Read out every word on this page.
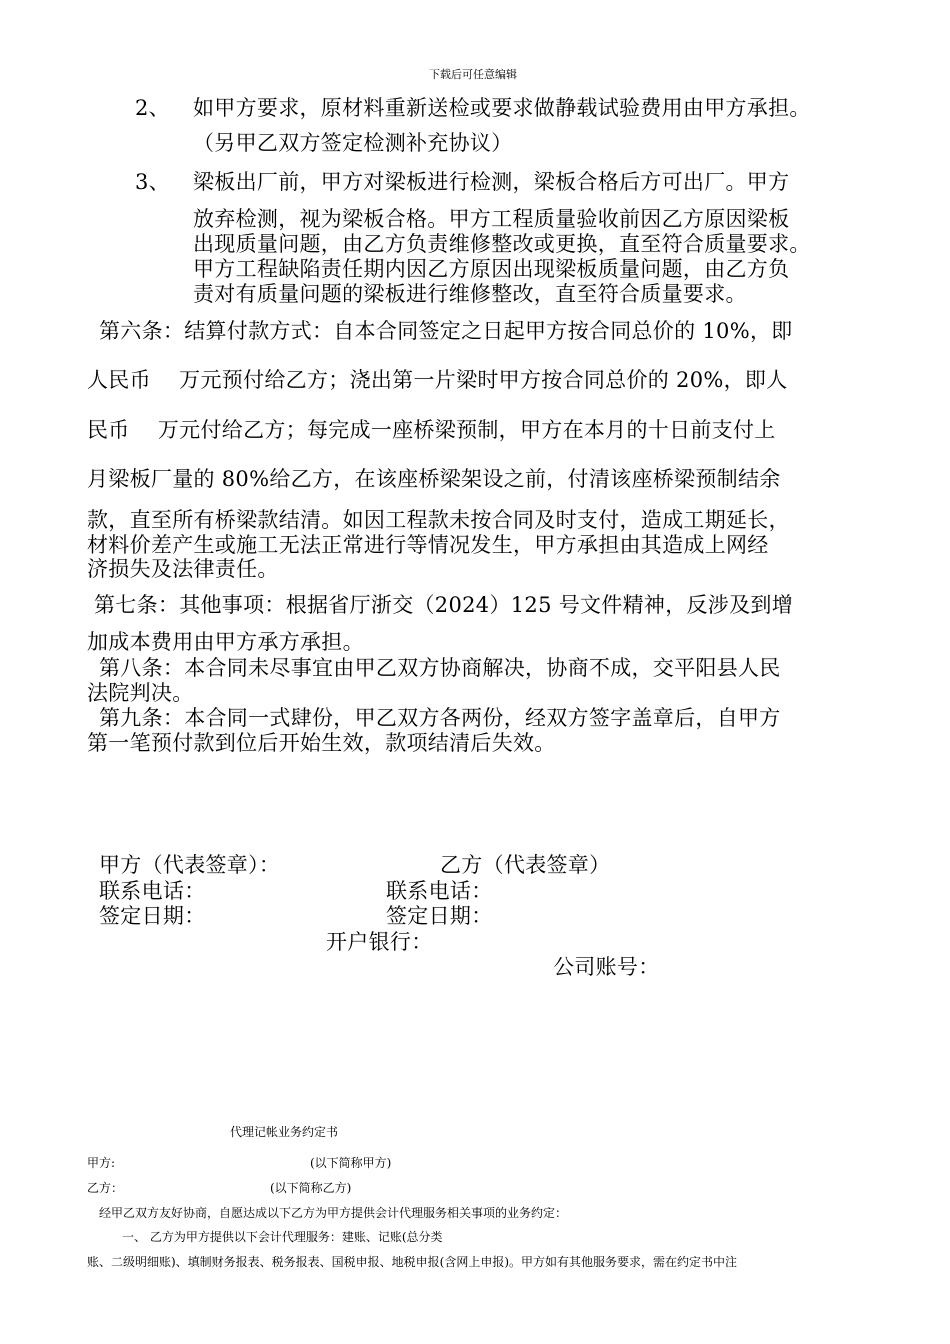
下载后可任意编辑
2、 如甲方要求，原材料重新送检或要求做静载试验费用由甲方承担。
（另甲乙双方签定检测补充协议）
3、 梁板出厂前，甲方对梁板进行检测，梁板合格后方可出厂。甲方
放弃检测，视为梁板合格。甲方工程质量验收前因乙方原因梁板
出现质量问题，由乙方负责维修整改或更换，直至符合质量要求。
甲方工程缺陷责任期内因乙方原因出现梁板质量问题，由乙方负
责对有质量问题的梁板进行维修整改，直至符合质量要求。
第六条：结算付款方式：自本合同签定之日起甲方按合同总价的 10%，即
人民币　 万元预付给乙方；浇出第一片梁时甲方按合同总价的 20%，即人
民币　 万元付给乙方；每完成一座桥梁预制，甲方在本月的十日前支付上
月梁板厂量的 80%给乙方，在该座桥梁架设之前，付清该座桥梁预制结余
款，直至所有桥梁款结清。如因工程款未按合同及时支付，造成工期延长，
材料价差产生或施工无法正常进行等情况发生，甲方承担由其造成上网经
济损失及法律责任。
第七条：其他事项：根据省厅浙交（2024）125 号文件精神，反涉及到增
加成本费用由甲方承方承担。
第八条：本合同未尽事宜由甲乙双方协商解决，协商不成，交平阳县人民
法院判决。
第九条：本合同一式肆份，甲乙双方各两份，经双方签字盖章后，自甲方
第一笔预付款到位后开始生效，款项结清后失效。
甲方（代表签章）：	乙方（代表签章）
联系电话：	联系电话：
签定日期：	签定日期：
开户银行：
公司账号：
代理记帐业务约定书
甲方:	(以下简称甲方)
乙方：	(以下简称乙方)
经甲乙双方友好协商，自愿达成以下乙方为甲方提供会计代理服务相关事项的业务约定：
一、 乙方为甲方提供以下会计代理服务：建账、记账(总分类
账、二级明细账)、填制财务报表、税务报表、国税申报、地税申报(含网上申报)。甲方如有其他服务要求，需在约定书中注
